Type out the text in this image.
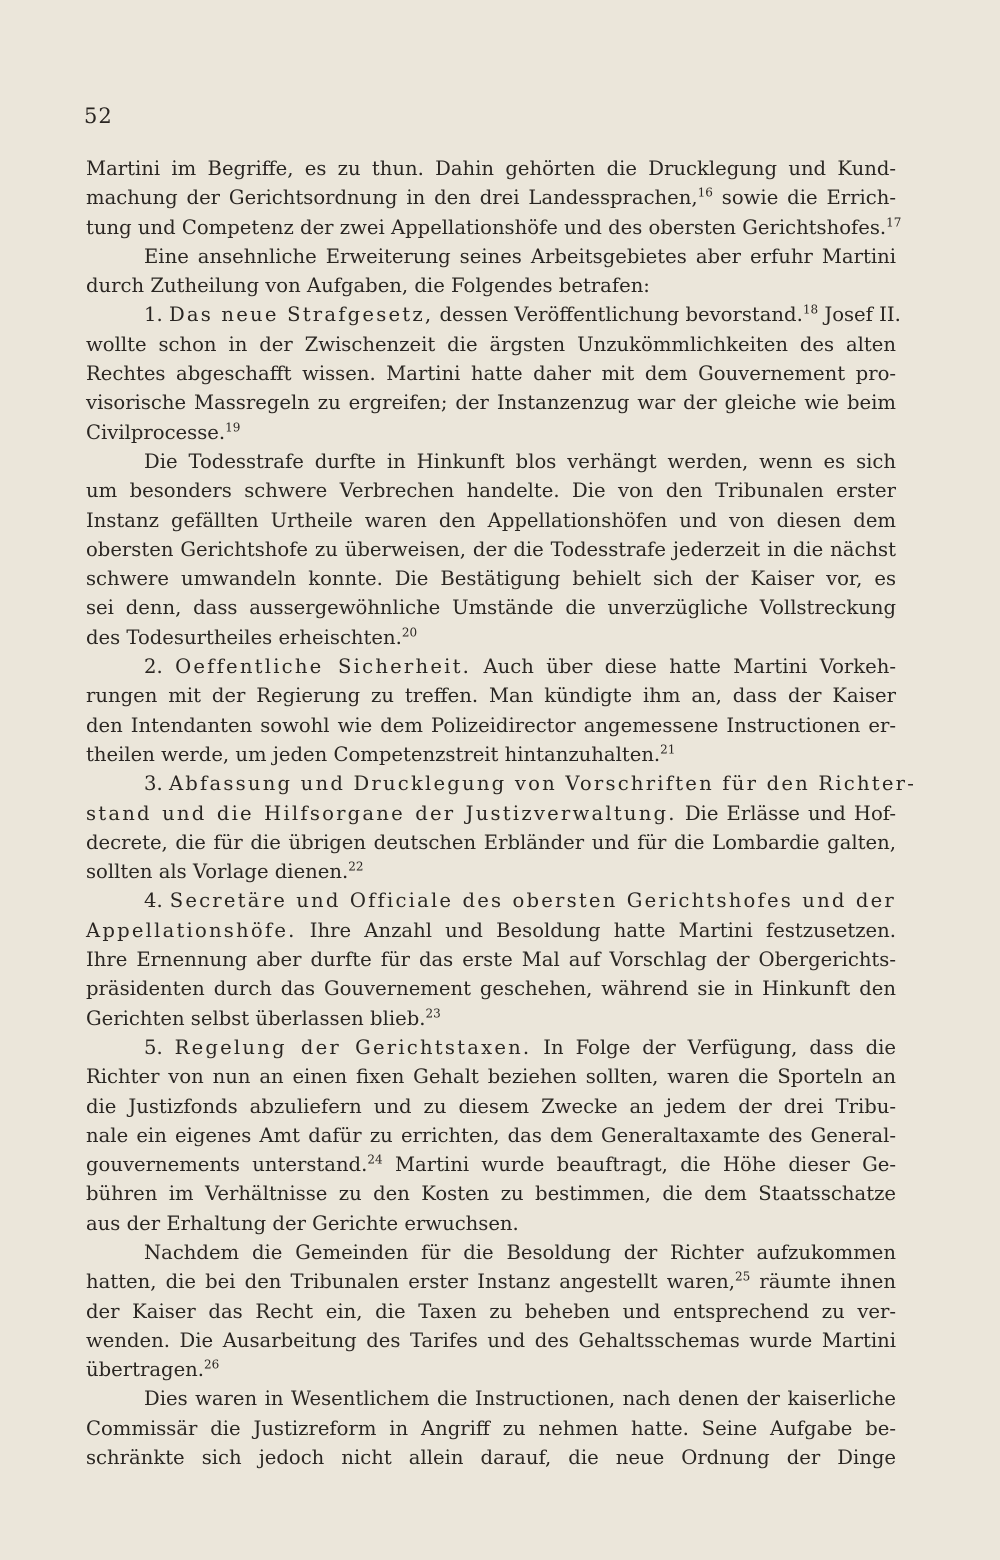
52
Martini im Begriffe, es zu thun. Dahin gehörten die Drucklegung und Kund-
machung der Gerichtsordnung in den drei Landessprachen,$^{16}$ sowie die Errich-
tung und Competenz der zwei Appellationshöfe und des obersten Gerichtshofes.$^{17}$
Eine ansehnliche Erweiterung seines Arbeitsgebietes aber erfuhr Martini
durch Zutheilung von Aufgaben, die Folgendes betrafen:
1. Das neue Strafgesetz, dessen Veröffentlichung bevorstand.$^{18}$ Josef II.
wollte schon in der Zwischenzeit die ärgsten Unzukömmlichkeiten des alten
Rechtes abgeschafft wissen. Martini hatte daher mit dem Gouvernement pro-
visorische Massregeln zu ergreifen; der Instanzenzug war der gleiche wie beim
Civilprocesse.$^{19}$
Die Todesstrafe durfte in Hinkunft blos verhängt werden, wenn es sich
um besonders schwere Verbrechen handelte. Die von den Tribunalen erster
Instanz gefällten Urtheile waren den Appellationshöfen und von diesen dem
obersten Gerichtshofe zu überweisen, der die Todesstrafe jederzeit in die nächst
schwere umwandeln konnte. Die Bestätigung behielt sich der Kaiser vor, es
sei denn, dass aussergewöhnliche Umstände die unverzügliche Vollstreckung
des Todesurtheiles erheischten.$^{20}$
2. Oeffentliche Sicherheit. Auch über diese hatte Martini Vorkeh-
rungen mit der Regierung zu treffen. Man kündigte ihm an, dass der Kaiser
den Intendanten sowohl wie dem Polizeidirector angemessene Instructionen er-
theilen werde, um jeden Competenzstreit hintanzuhalten.$^{21}$
3. Abfassung und Drucklegung von Vorschriften für den Richter-
stand und die Hilfsorgane der Justizverwaltung. Die Erlässe und Hof-
decrete, die für die übrigen deutschen Erbländer und für die Lombardie galten,
sollten als Vorlage dienen.$^{22}$
4. Secretäre und Officiale des obersten Gerichtshofes und der
Appellationshöfe. Ihre Anzahl und Besoldung hatte Martini festzusetzen.
Ihre Ernennung aber durfte für das erste Mal auf Vorschlag der Obergerichts-
präsidenten durch das Gouvernement geschehen, während sie in Hinkunft den
Gerichten selbst überlassen blieb.$^{23}$
5. Regelung der Gerichtstaxen. In Folge der Verfügung, dass die
Richter von nun an einen fixen Gehalt beziehen sollten, waren die Sporteln an
die Justizfonds abzuliefern und zu diesem Zwecke an jedem der drei Tribu-
nale ein eigenes Amt dafür zu errichten, das dem Generaltaxamte des General-
gouvernements unterstand.$^{24}$ Martini wurde beauftragt, die Höhe dieser Ge-
bühren im Verhältnisse zu den Kosten zu bestimmen, die dem Staatsschatze
aus der Erhaltung der Gerichte erwuchsen.
Nachdem die Gemeinden für die Besoldung der Richter aufzukommen
hatten, die bei den Tribunalen erster Instanz angestellt waren,$^{25}$ räumte ihnen
der Kaiser das Recht ein, die Taxen zu beheben und entsprechend zu ver-
wenden. Die Ausarbeitung des Tarifes und des Gehaltsschemas wurde Martini
übertragen.$^{26}$
Dies waren in Wesentlichem die Instructionen, nach denen der kaiserliche
Commissär die Justizreform in Angriff zu nehmen hatte. Seine Aufgabe be-
schränkte sich jedoch nicht allein darauf, die neue Ordnung der Dinge
